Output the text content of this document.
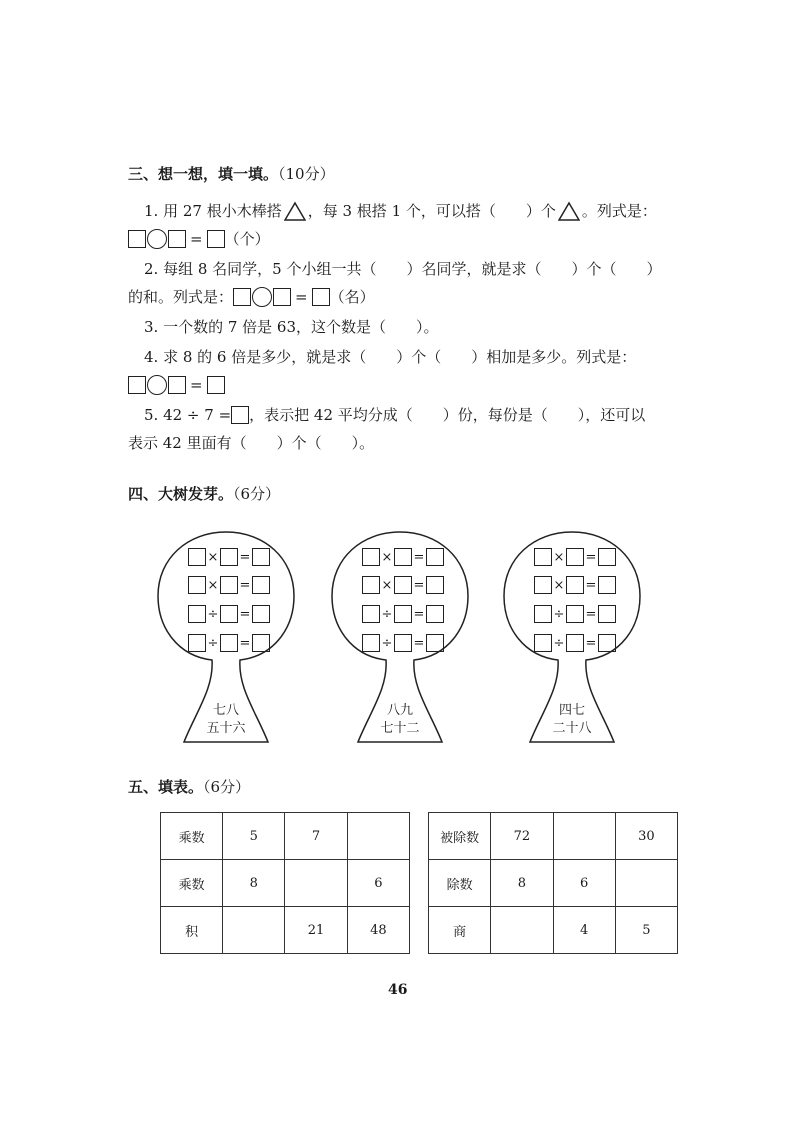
三、想一想，填一填。（10分）
1. 用 27 根小木棒搭 ，每 3 根搭 1 个，可以搭（　　）个 。列式是：
= （个）
2. 每组 8 名同学，5 个小组一共（　　）名同学，就是求（　　）个（　　）
的和。列式是：	= （名）
3. 一个数的 7 倍是 63，这个数是（　　）。
4. 求 8 的 6 倍是多少，就是求（　　）个（　　）相加是多少。列式是：
=
5. 42 ÷ 7 = ，表示把 42 平均分成（　　）份，每份是（　　），还可以
表示 42 里面有（　　）个（　　）。
四、大树发芽。（6分）
× =
× =
÷ =
÷ =
七八
五十六
× =
× =
÷ =
÷ =
八九
七十二
× =
× =
÷ =
÷ =
四七
二十八
五、填表。（6分）
乘数	5	7	
乘数	8		6
积		21	48
被除数	72		30
除数	8	6	
商		4	5
46
